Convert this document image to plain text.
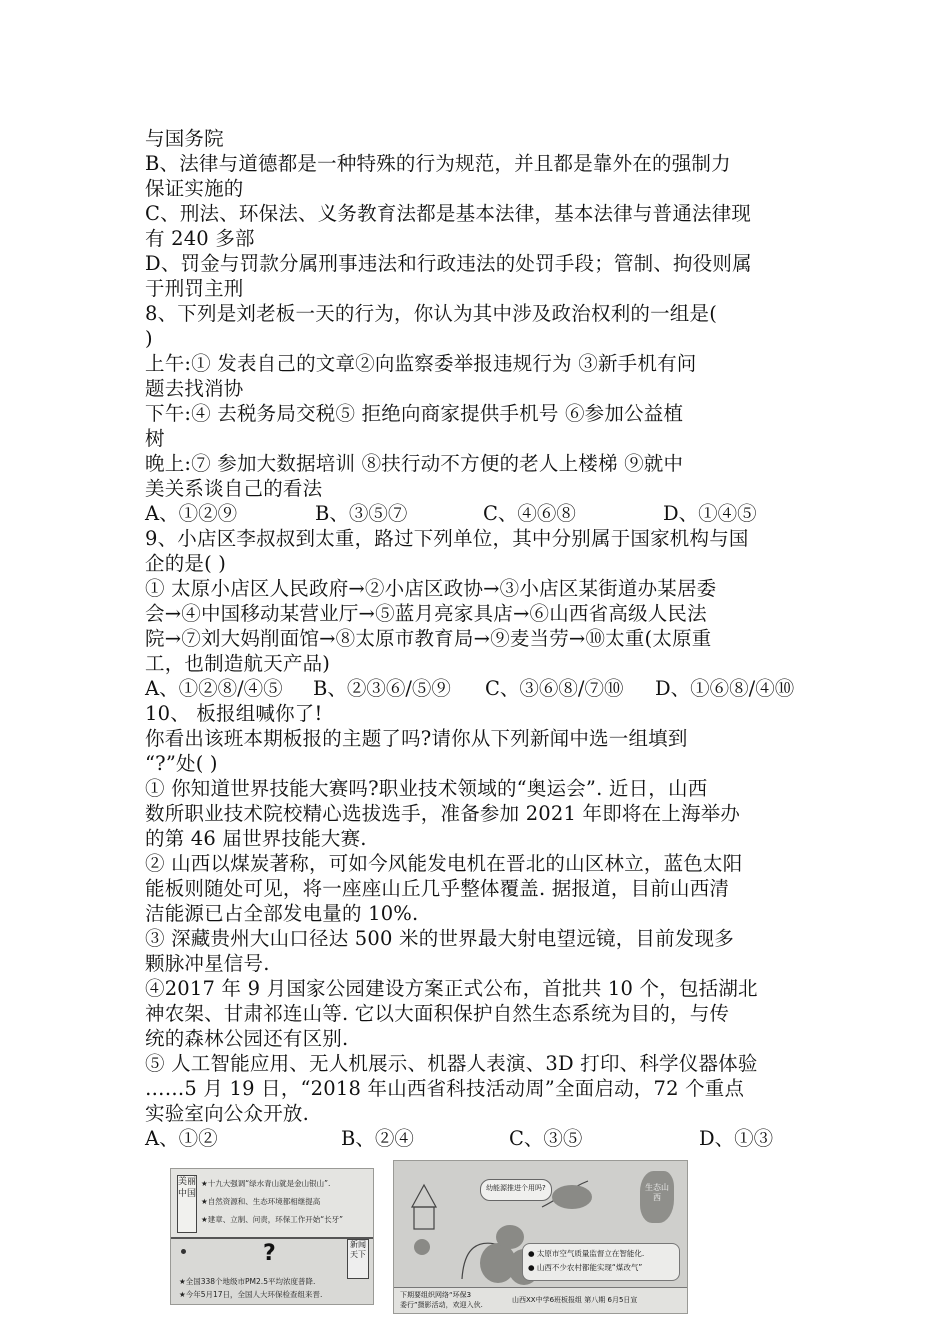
与国务院
B、法律与道德都是一种特殊的行为规范，并且都是靠外在的强制力
保证实施的
C、刑法、环保法、义务教育法都是基本法律，基本法律与普通法律现
有 240 多部
D、罚金与罚款分属刑事违法和行政违法的处罚手段；管制、拘役则属
于刑罚主刑
8、下列是刘老板一天的行为，你认为其中涉及政治权利的一组是(
)
上午:① 发表自己的文章②向监察委举报违规行为 ③新手机有问
题去找消协
下午:④ 去税务局交税⑤ 拒绝向商家提供手机号 ⑥参加公益植
树
晚上:⑦ 参加大数据培训 ⑧扶行动不方便的老人上楼梯 ⑨就中
美关系谈自己的看法
A、①②⑨	B、③⑤⑦	C、④⑥⑧	D、①④⑤
9、小店区李叔叔到太重，路过下列单位，其中分别属于国家机构与国
企的是( )
① 太原小店区人民政府→②小店区政协→③小店区某街道办某居委
会→④中国移动某营业厅→⑤蓝月亮家具店→⑥山西省高级人民法
院→⑦刘大妈削面馆→⑧太原市教育局→⑨麦当劳→⑩太重(太原重
工，也制造航天产品)
A、①②⑧/④⑤	B、②③⑥/⑤⑨	C、③⑥⑧/⑦⑩	D、①⑥⑧/④⑩
10、 板报组喊你了!
你看出该班本期板报的主题了吗?请你从下列新闻中选一组填到
“?”处( )
① 你知道世界技能大赛吗?职业技术领域的“奥运会”. 近日，山西
数所职业技术院校精心选拔选手，准备参加 2021 年即将在上海举办
的第 46 届世界技能大赛.
② 山西以煤炭著称，可如今风能发电机在晋北的山区林立，蓝色太阳
能板则随处可见，将一座座山丘几乎整体覆盖. 据报道，目前山西清
洁能源已占全部发电量的 10%.
③ 深藏贵州大山口径达 500 米的世界最大射电望远镜，目前发现多
颗脉冲星信号.
④2017 年 9 月国家公园建设方案正式公布，首批共 10 个，包括湖北
神农架、甘肃祁连山等. 它以大面积保护自然生态系统为目的，与传
统的森林公园还有区别.
⑤ 人工智能应用、无人机展示、机器人表演、3D 打印、科学仪器体验
……5 月 19 日，“2018 年山西省科技活动周”全面启动，72 个重点
实验室向公众开放.
A、①②	B、②④	C、③⑤	D、①③
美丽中国
★十九大强调“绿水青山就是金山银山”.
★自然资源和、生态环境都相继提高
★建章、立制、问责，环保工作开始“长牙”
?	新闻天下
★全国338个地级市PM2.5平均浓度普降.
★今年5月17日，全国人大环保检查组来晋.
幼能源推进个用吗?	生态山西
● 太原市空气质量监督立在智能化.
● 山西不少农村都能实现“煤改气”
下期要组织网络“环保3
委行”摄影活动，欢迎入伙.
山西XX中学6班板报组 第八期 6月5日宣
